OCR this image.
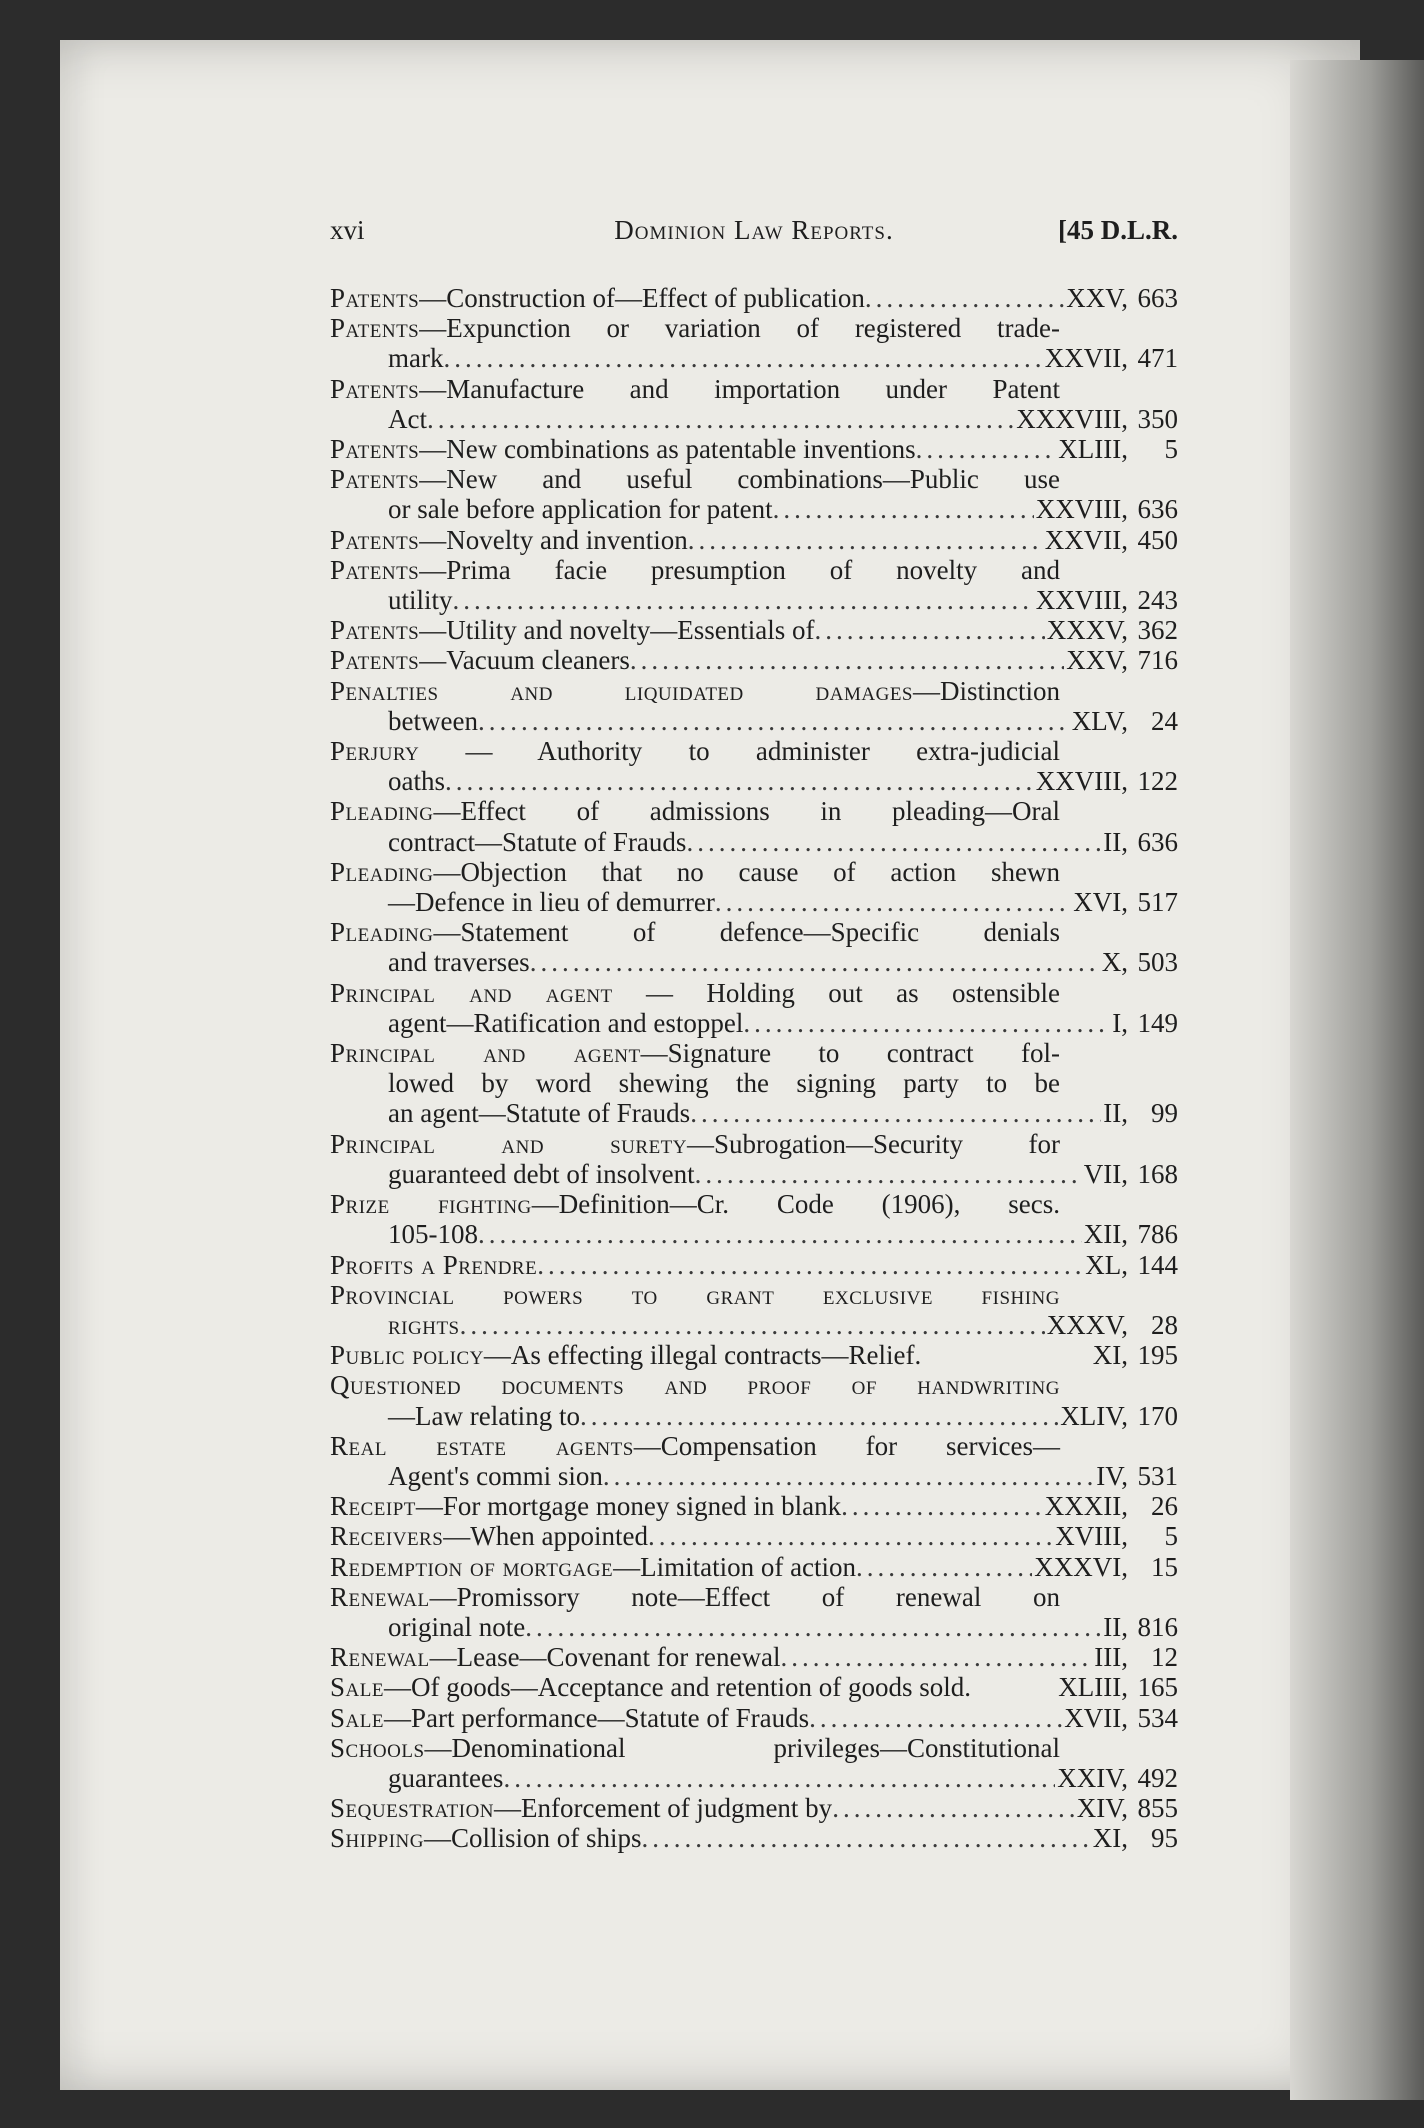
xvi	Dominion Law Reports.	[45 D.L.R.
Patents —Construction of—Effect of publication .....	XXV, 663
Patents—Expunction or variation of registered trade-
mark .....	XXVII, 471
Patents—Manufacture and importation under Patent
Act .....	XXXVIII, 350
Patents —New combinations as patentable inventions .....	XLIII, 5
Patents—New and useful combinations—Public use
or sale before application for patent .....	XXVIII, 636
Patents —Novelty and invention .....	XXVII, 450
Patents—Prima facie presumption of novelty and
utility .....	XXVIII, 243
Patents —Utility and novelty—Essentials of .....	XXXV, 362
Patents —Vacuum cleaners .....	XXV, 716
Penalties and liquidated damages—Distinction
between .....	XLV, 24
Perjury — Authority to administer extra-judicial
oaths .....	XXVIII, 122
Pleading—Effect of admissions in pleading—Oral
contract—Statute of Frauds .....	II, 636
Pleading—Objection that no cause of action shewn
—Defence in lieu of demurrer .....	XVI, 517
Pleading—Statement of defence—Specific denials
and traverses .....	X, 503
Principal and agent — Holding out as ostensible
agent—Ratification and estoppel .....	I, 149
Principal and agent—Signature to contract fol-
lowed by word shewing the signing party to be
an agent—Statute of Frauds .....	II, 99
Principal and surety—Subrogation—Security for
guaranteed debt of insolvent .....	VII, 168
Prize fighting—Definition—Cr. Code (1906), secs.
105-108 .....	XII, 786
Profits a Prendre .....	XL, 144
Provincial powers to grant exclusive fishing
rights .....	XXXV, 28
Public policy —As effecting illegal contracts—Relief.	XI, 195
Questioned documents and proof of handwriting
—Law relating to .....	XLIV, 170
Real estate agents—Compensation for services—
Agent's commi sion .....	IV, 531
Receipt —For mortgage money signed in blank .....	XXXII, 26
Receivers —When appointed .....	XVIII, 5
Redemption of mortgage —Limitation of action .....	XXXVI, 15
Renewal—Promissory note—Effect of renewal on
original note .....	II, 816
Renewal —Lease—Covenant for renewal .....	III, 12
Sale —Of goods—Acceptance and retention of goods sold.	XLIII, 165
Sale —Part performance—Statute of Frauds .....	XVII, 534
Schools—Denominational privileges—Constitutional
guarantees .....	XXIV, 492
Sequestration —Enforcement of judgment by .....	XIV, 855
Shipping —Collision of ships .....	XI, 95
